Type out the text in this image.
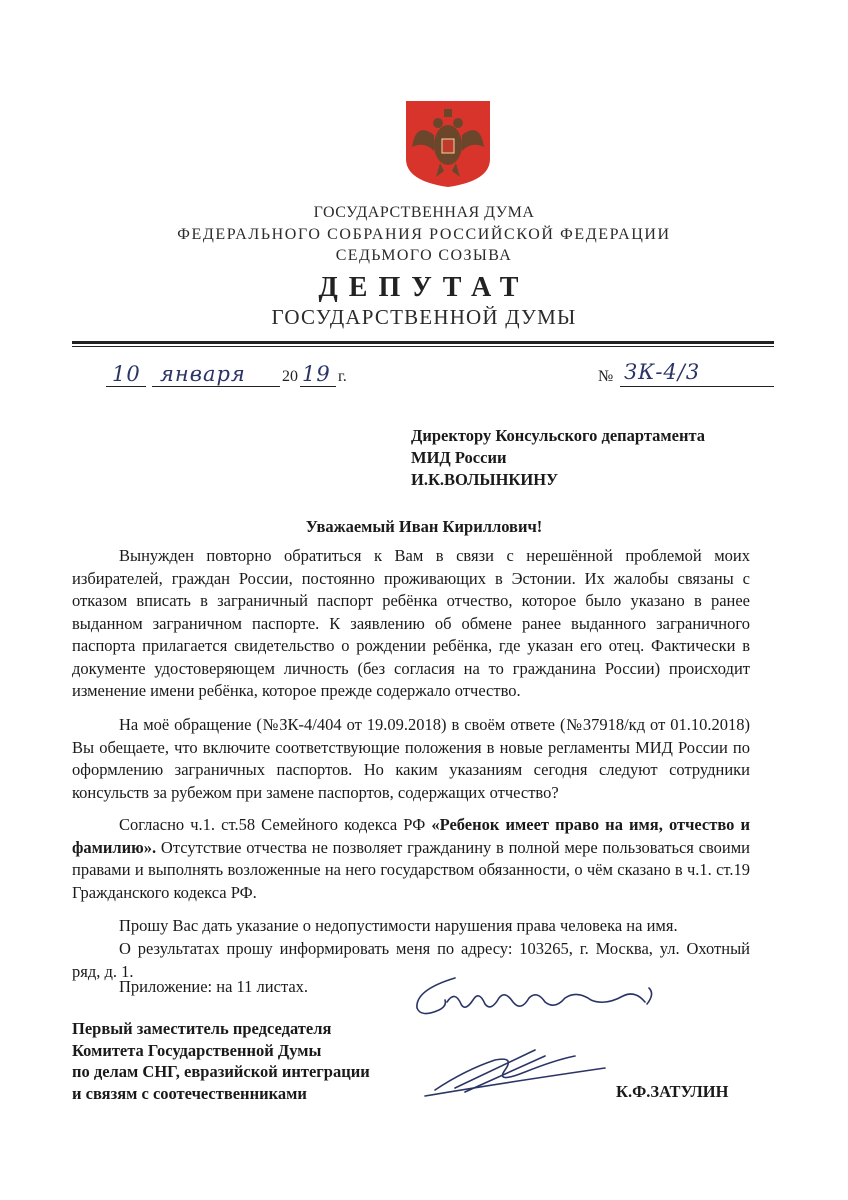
ГОСУДАРСТВЕННАЯ ДУМА
ФЕДЕРАЛЬНОГО СОБРАНИЯ РОССИЙСКОЙ ФЕДЕРАЦИИ
СЕДЬМОГО СОЗЫВА
ДЕПУТАТ
ГОСУДАРСТВЕННОЙ ДУМЫ
10 января 20 19 г.	№ ЗК-4/3
Директору Консульского департамента
МИД России
И.К.ВОЛЫНКИНУ
Уважаемый Иван Кириллович!

Вынужден повторно обратиться к Вам в связи с нерешённой проблемой моих избирателей, граждан России, постоянно проживающих в Эстонии. Их жалобы связаны с отказом вписать в заграничный паспорт ребёнка отчество, которое было указано в ранее выданном заграничном паспорте. К заявлению об обмене ранее выданного заграничного паспорта прилагается свидетельство о рождении ребёнка, где указан его отец. Фактически в документе удостоверяющем личность (без согласия на то гражданина России) происходит изменение имени ребёнка, которое прежде содержало отчество.

На моё обращение (№ЗК-4/404 от 19.09.2018) в своём ответе (№37918/кд от 01.10.2018) Вы обещаете, что включите соответствующие положения в новые регламенты МИД России по оформлению заграничных паспортов. Но каким указаниям сегодня следуют сотрудники консульств за рубежом при замене паспортов, содержащих отчество?

Согласно ч.1. ст.58 Семейного кодекса РФ «Ребенок имеет право на имя, отчество и фамилию». Отсутствие отчества не позволяет гражданину в полной мере пользоваться своими правами и выполнять возложенные на него государством обязанности, о чём сказано в ч.1. ст.19 Гражданского кодекса РФ.

Прошу Вас дать указание о недопустимости нарушения права человека на имя.

О результатах прошу информировать меня по адресу: 103265, г. Москва, ул. Охотный ряд, д. 1.

Приложение: на 11 листах.

Первый заместитель председателя
Комитета Государственной Думы
по делам СНГ, евразийской интеграции
и связям с соотечественниками	К.Ф.ЗАТУЛИН
